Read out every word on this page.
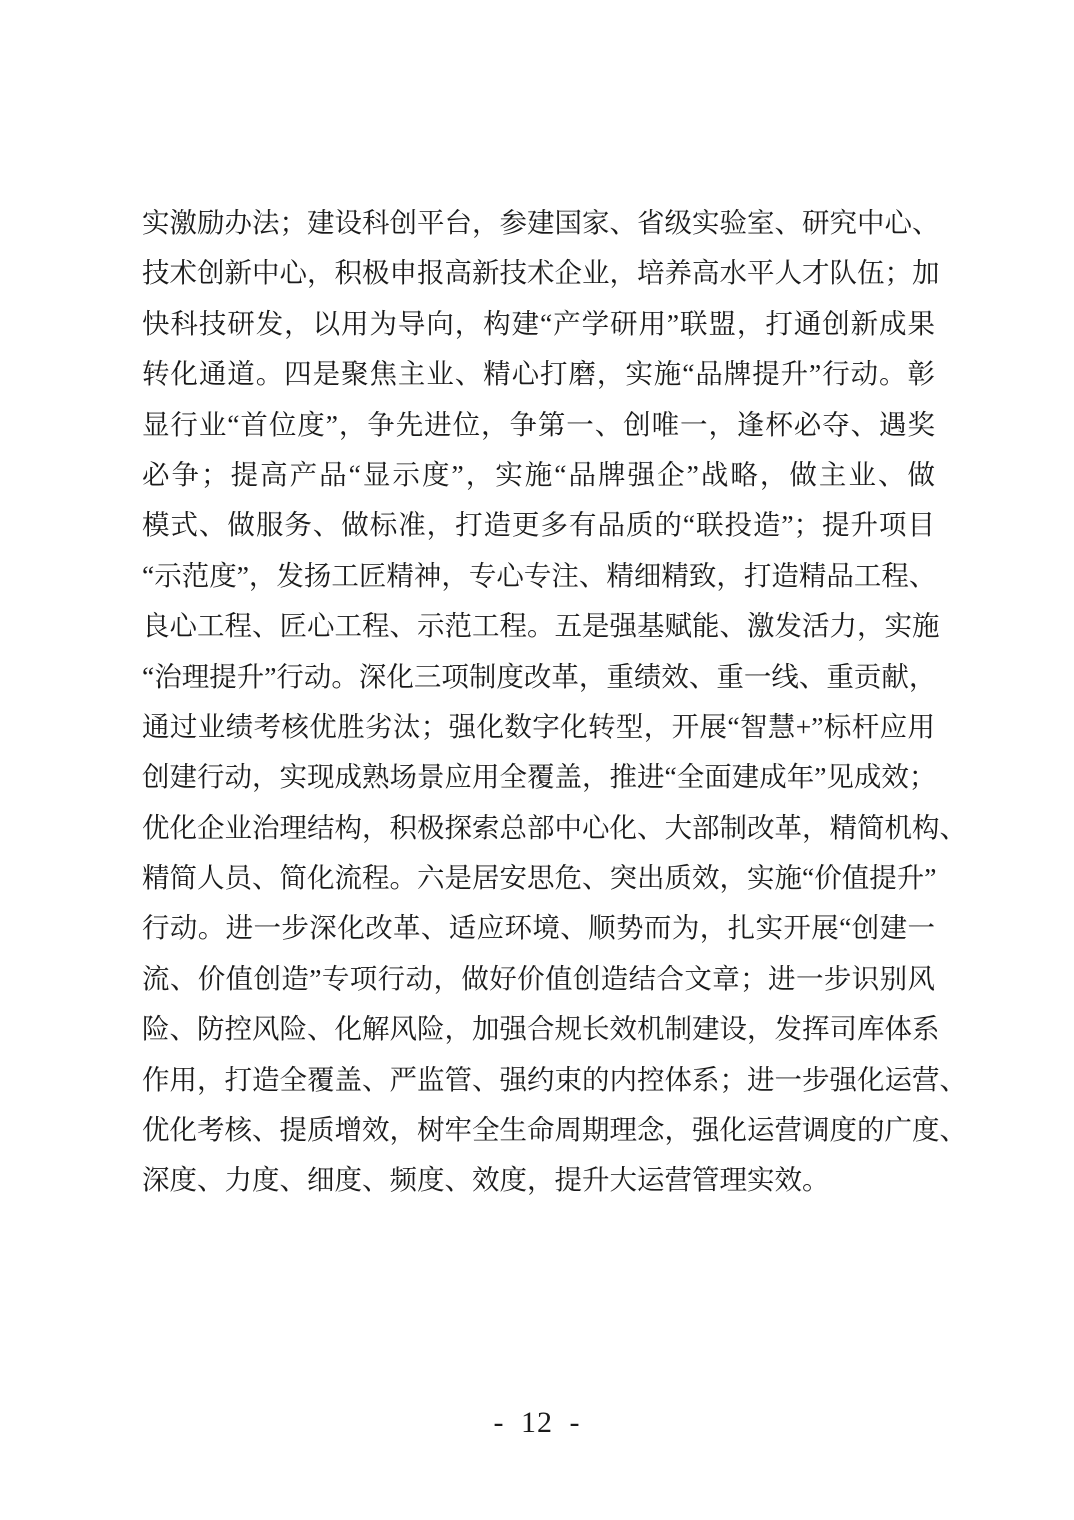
实激励办法；建设科创平台，参建国家、省级实验室、研究中心、
技术创新中心，积极申报高新技术企业，培养高水平人才队伍；加
快科技研发，以用为导向，构建“产学研用”联盟，打通创新成果
转化通道。四是聚焦主业、精心打磨，实施“品牌提升”行动。彰
显行业“首位度”，争先进位，争第一、创唯一，逢杯必夺、遇奖
必争；提高产品“显示度”，实施“品牌强企”战略，做主业、做
模式、做服务、做标准，打造更多有品质的“联投造”；提升项目
“示范度”，发扬工匠精神，专心专注、精细精致，打造精品工程、
良心工程、匠心工程、示范工程。五是强基赋能、激发活力，实施
“治理提升”行动。深化三项制度改革，重绩效、重一线、重贡献，
通过业绩考核优胜劣汰；强化数字化转型，开展“智慧+”标杆应用
创建行动，实现成熟场景应用全覆盖，推进“全面建成年”见成效；
优化企业治理结构，积极探索总部中心化、大部制改革，精简机构、
精简人员、简化流程。六是居安思危、突出质效，实施“价值提升”
行动。进一步深化改革、适应环境、顺势而为，扎实开展“创建一
流、价值创造”专项行动，做好价值创造结合文章；进一步识别风
险、防控风险、化解风险，加强合规长效机制建设，发挥司库体系
作用，打造全覆盖、严监管、强约束的内控体系；进一步强化运营、
优化考核、提质增效，树牢全生命周期理念，强化运营调度的广度、
深度、力度、细度、频度、效度，提升大运营管理实效。
- 12 -
